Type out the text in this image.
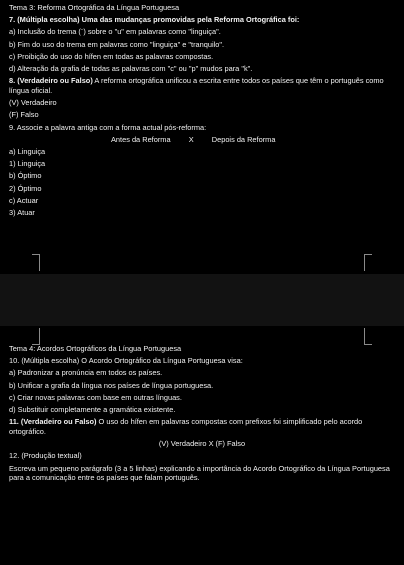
Tema 3: Reforma Ortográfica da Língua Portuguesa
7. (Múltipla escolha) Uma das mudanças promovidas pela Reforma Ortográfica foi:
a) Inclusão do trema (¨) sobre o "u" em palavras como "linguiça".
b) Fim do uso do trema em palavras como "linguiça" e "tranquilo".
c) Proibição do uso do hífen em todas as palavras compostas.
d) Alteração da grafia de todas as palavras com "c" ou "p" mudos para "k".
8. (Verdadeiro ou Falso) A reforma ortográfica unificou a escrita entre todos os países que têm o português como língua oficial.
(V) Verdadeiro
(F) Falso
9. Associe a palavra antiga com a forma actual pós-reforma:
Antes da Reforma X Depois da Reforma
a) Linguiça
1) Linguiça
b) Óptimo
2) Óptimo
c) Actuar
3) Atuar
Tema 4: Acordos Ortográficos da Língua Portuguesa
10. (Múltipla escolha) O Acordo Ortográfico da Língua Portuguesa visa:
a) Padronizar a pronúncia em todos os países.
b) Unificar a grafia da língua nos países de língua portuguesa.
c) Criar novas palavras com base em outras línguas.
d) Substituir completamente a gramática existente.
11. (Verdadeiro ou Falso) O uso do hífen em palavras compostas com prefixos foi simplificado pelo acordo ortográfico.
(V) Verdadeiro X (F) Falso
12. (Produção textual)
Escreva um pequeno parágrafo (3 a 5 linhas) explicando a importância do Acordo Ortográfico da Língua Portuguesa para a comunicação entre os países que falam português.
